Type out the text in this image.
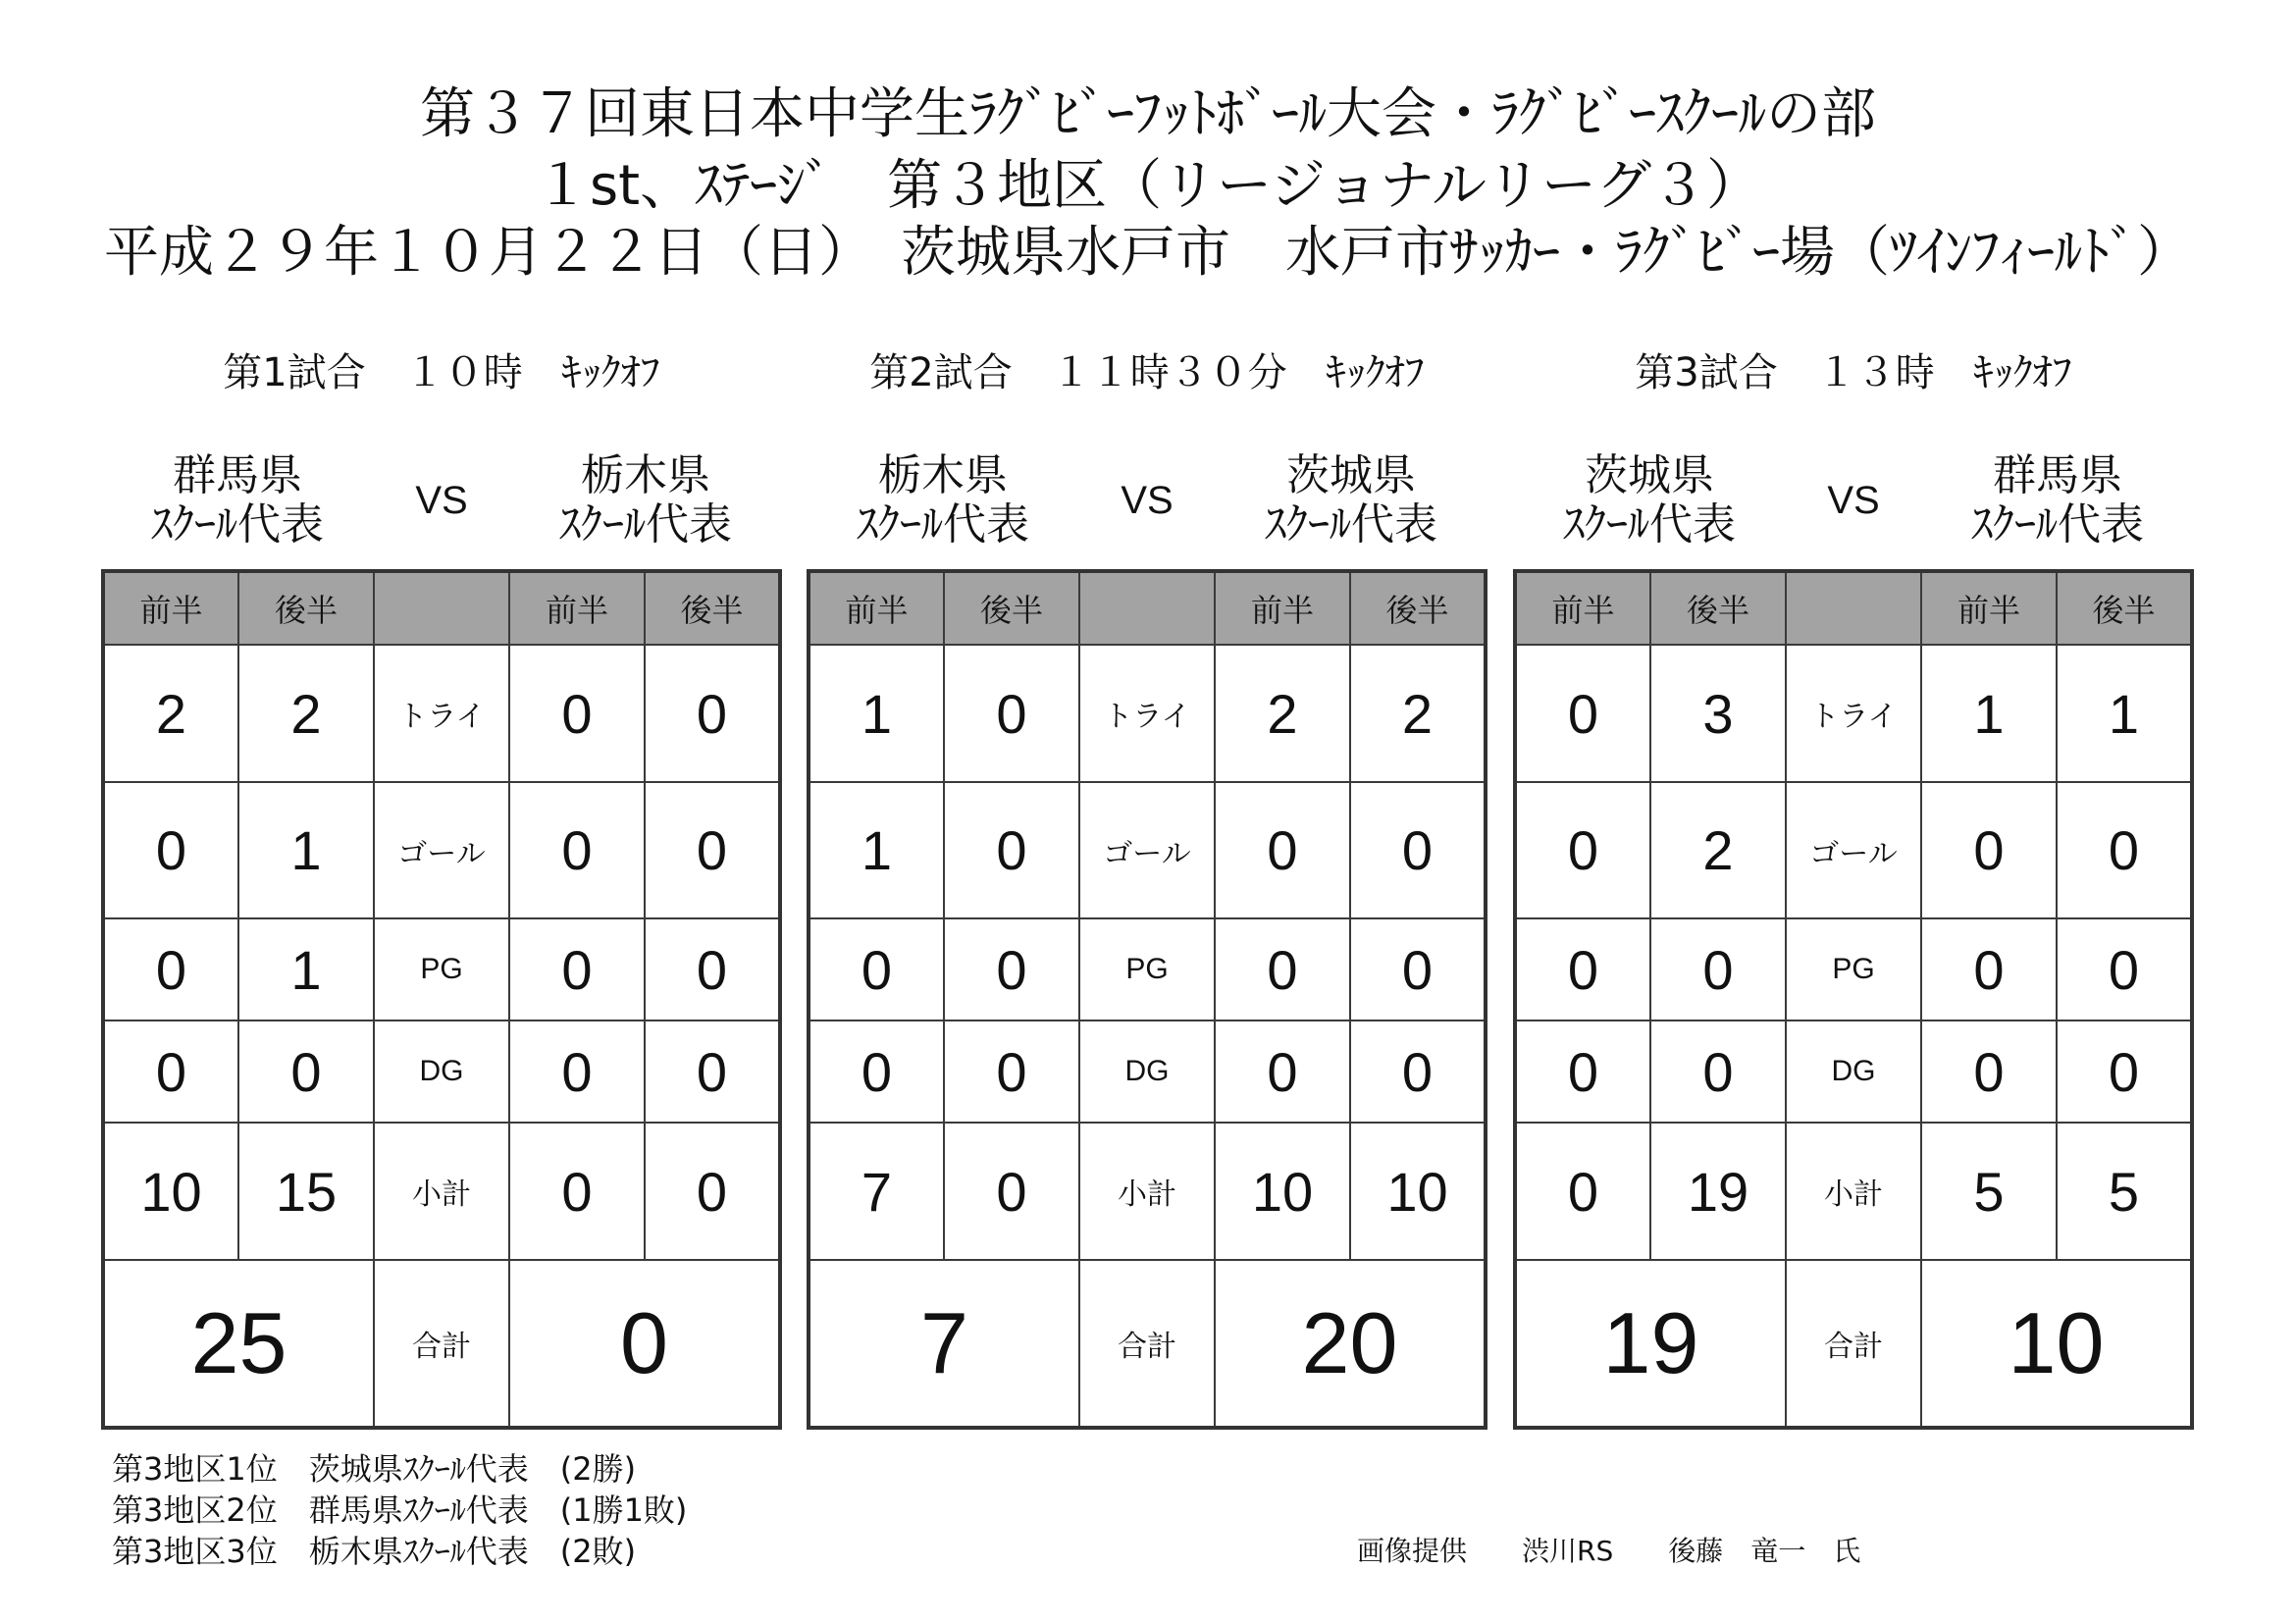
第３７回東日本中学生ﾗｸﾞﾋﾞｰﾌｯﾄﾎﾞｰﾙ大会・ﾗｸﾞﾋﾞｰｽｸｰﾙの部
１st、ｽﾃｰｼﾞ　第３地区（リージョナルリーグ３）
平成２９年１０月２２日（日）　茨城県水戸市　水戸市ｻｯｶｰ・ﾗｸﾞﾋﾞｰ場（ﾂｲﾝﾌｨｰﾙﾄﾞ）
第1試合　１０時　ｷｯｸｵﾌ
群馬県
ｽｸｰﾙ代表	VS	栃木県
ｽｸｰﾙ代表
前半	後半		前半	後半
2	2	トライ	0	0
0	1	ゴール	0	0
0	1	PG	0	0
0	0	DG	0	0
10	15	小計	0	0
25		合計	0	
第2試合　１１時３０分　ｷｯｸｵﾌ
栃木県
ｽｸｰﾙ代表	VS	茨城県
ｽｸｰﾙ代表
前半	後半		前半	後半
1	0	トライ	2	2
1	0	ゴール	0	0
0	0	PG	0	0
0	0	DG	0	0
7	0	小計	10	10
7		合計	20	
第3試合　１３時　ｷｯｸｵﾌ
茨城県
ｽｸｰﾙ代表	VS	群馬県
ｽｸｰﾙ代表
前半	後半		前半	後半
0	3	トライ	1	1
0	2	ゴール	0	0
0	0	PG	0	0
0	0	DG	0	0
0	19	小計	5	5
19		合計	10	
第3地区1位　茨城県ｽｸｰﾙ代表　(2勝)
第3地区2位　群馬県ｽｸｰﾙ代表　(1勝1敗)
第3地区3位　栃木県ｽｸｰﾙ代表　(2敗)	画像提供　　渋川RS　　後藤　竜一　氏
